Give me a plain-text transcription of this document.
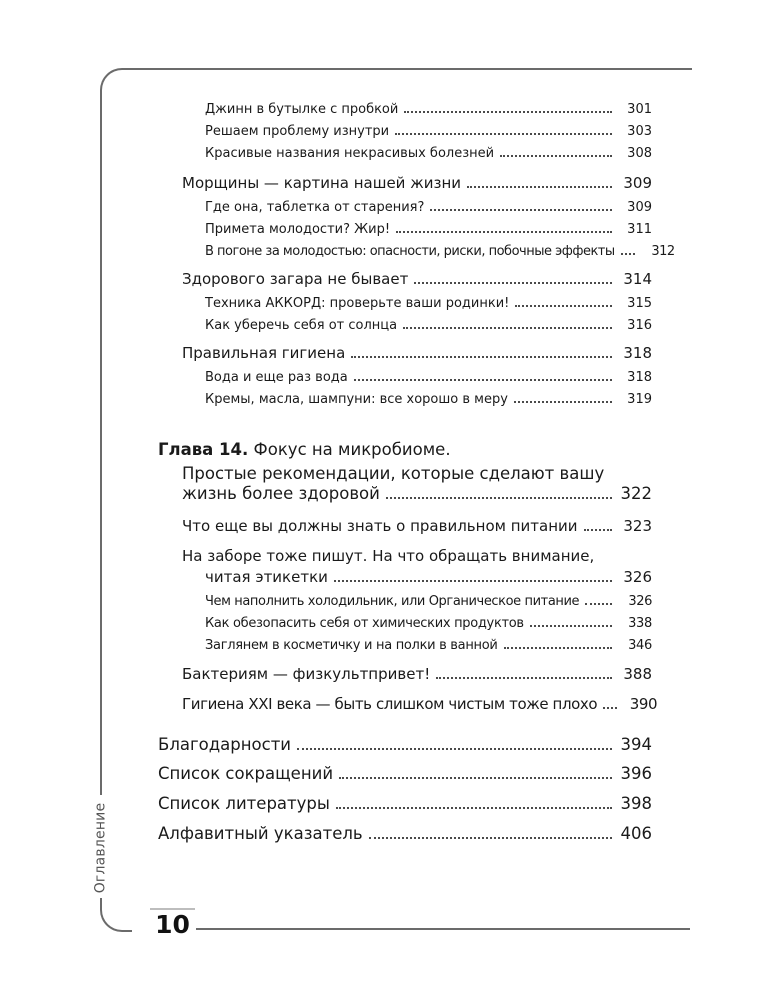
Оглавление
10
Джинн в бутылке с пробкой	301
Решаем проблему изнутри	303
Красивые названия некрасивых болезней	308
Морщины — картина нашей жизни	309
Где она, таблетка от старения?	309
Примета молодости? Жир!	311
В погоне за молодостью: опасности, риски, побочные эффекты	312
Здорового загара не бывает	314
Техника АККОРД: проверьте ваши родинки!	315
Как уберечь себя от солнца	316
Правильная гигиена	318
Вода и еще раз вода	318
Кремы, масла, шампуни: все хорошо в меру	319
Глава 14. Фокус на микробиоме.
Простые рекомендации, которые сделают вашу
жизнь более здоровой	322
Что еще вы должны знать о правильном питании	323
На заборе тоже пишут. На что обращать внимание,
читая этикетки	326
Чем наполнить холодильник, или Органическое питание	326
Как обезопасить себя от химических продуктов	338
Заглянем в косметичку и на полки в ванной	346
Бактериям — физкультпривет!	388
Гигиена XXI века — быть слишком чистым тоже плохо	390
Благодарности	394
Список сокращений	396
Список литературы	398
Алфавитный указатель	406
